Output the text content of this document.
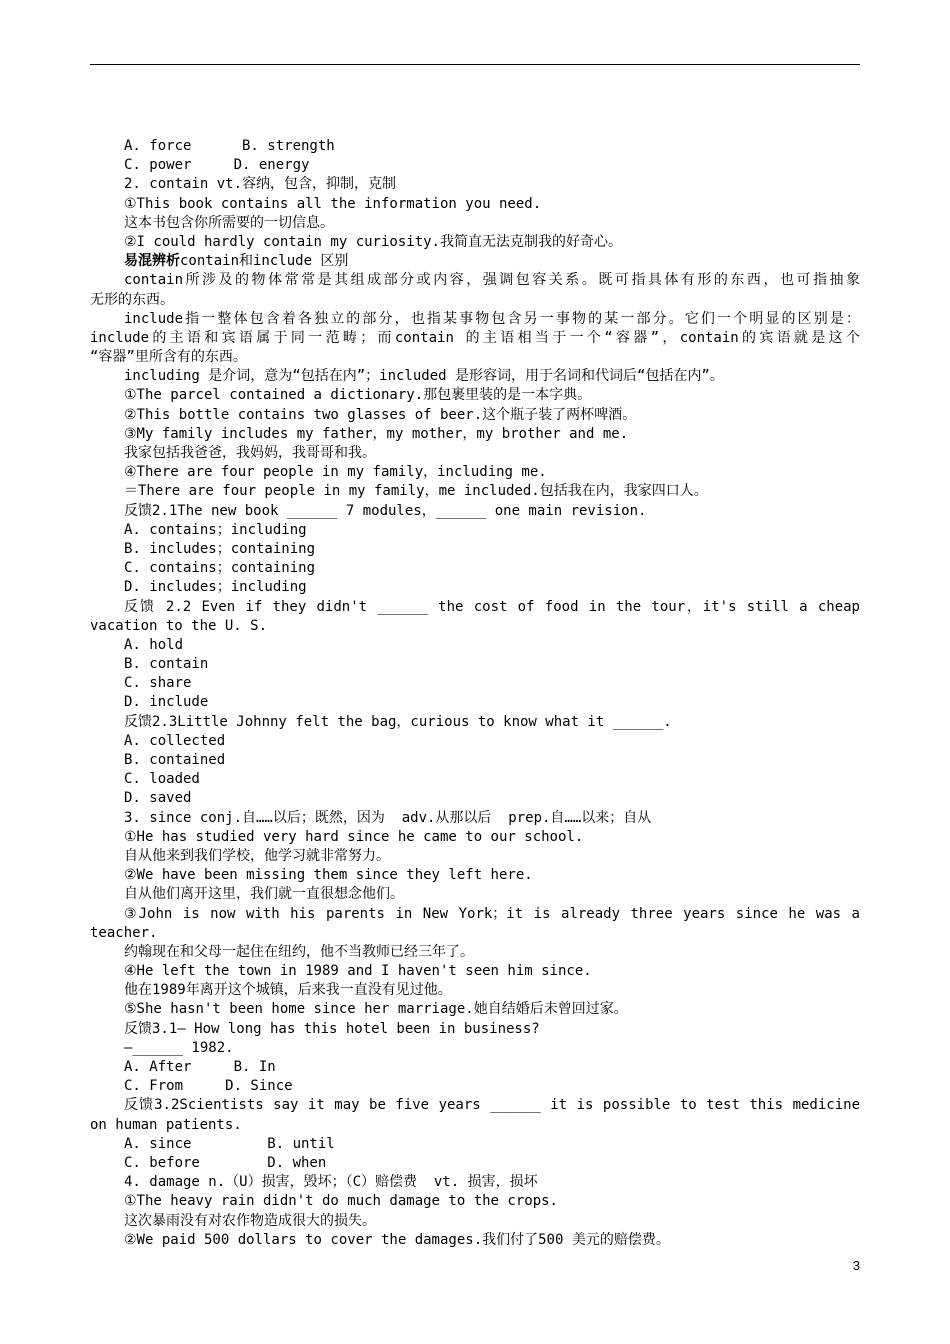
A. force      B. strength
C. power     D. energy
2. contain vt.容纳，包含，抑制，克制
①This book contains all the information you need.
这本书包含你所需要的一切信息。
②I could hardly contain my curiosity.我简直无法克制我的好奇心。
易混辨析contain和include 区别
contain所涉及的物体常常是其组成部分或内容，强调包容关系。既可指具体有形的东西，也可指抽象
无形的东西。
include指一整体包含着各独立的部分，也指某事物包含另一事物的某一部分。它们一个明显的区别是：
include的主语和宾语属于同一范畴；而contain 的主语相当于一个“容器”，contain的宾语就是这个
“容器”里所含有的东西。
including 是介词，意为“包括在内”；included 是形容词，用于名词和代词后“包括在内”。
①The parcel contained a dictionary.那包裹里装的是一本字典。
②This bottle contains two glasses of beer.这个瓶子装了两杯啤酒。
③My family includes my father，my mother，my brother and me.
我家包括我爸爸，我妈妈，我哥哥和我。
④There are four people in my family，including me.
＝There are four people in my family，me included.包括我在内，我家四口人。
反馈2.1The new book ______ 7 modules，______ one main revision.
A. contains；including
B. includes；containing
C. contains；containing
D. includes；including
反馈 2.2 Even if they didn't ______ the cost of food in the tour，it's still a cheap
vacation to the U. S.
A. hold
B. contain
C. share
D. include
反馈2.3Little Johnny felt the bag，curious to know what it ______.
A. collected
B. contained
C. loaded
D. saved
3. since conj.自……以后；既然，因为  adv.从那以后  prep.自……以来；自从
①He has studied very hard since he came to our school.
自从他来到我们学校，他学习就非常努力。
②We have been missing them since they left here.
自从他们离开这里，我们就一直很想念他们。
③John is now with his parents in New York；it is already three years since he was a
teacher.
约翰现在和父母一起住在纽约，他不当教师已经三年了。
④He left the town in 1989 and I haven't seen him since.
他在1989年离开这个城镇，后来我一直没有见过他。
⑤She hasn't been home since her marriage.她自结婚后未曾回过家。
反馈3.1— How long has this hotel been in business?
—______ 1982.
A. After     B. In
C. From     D. Since
反馈3.2Scientists say it may be five years ______ it is possible to test this medicine
on human patients.
A. since         B. until
C. before        D. when
4. damage n.（U）损害，毁坏；（C）赔偿费  vt. 损害，损坏
①The heavy rain didn't do much damage to the crops.
这次暴雨没有对农作物造成很大的损失。
②We paid 500 dollars to cover the damages.我们付了500 美元的赔偿费。
3
